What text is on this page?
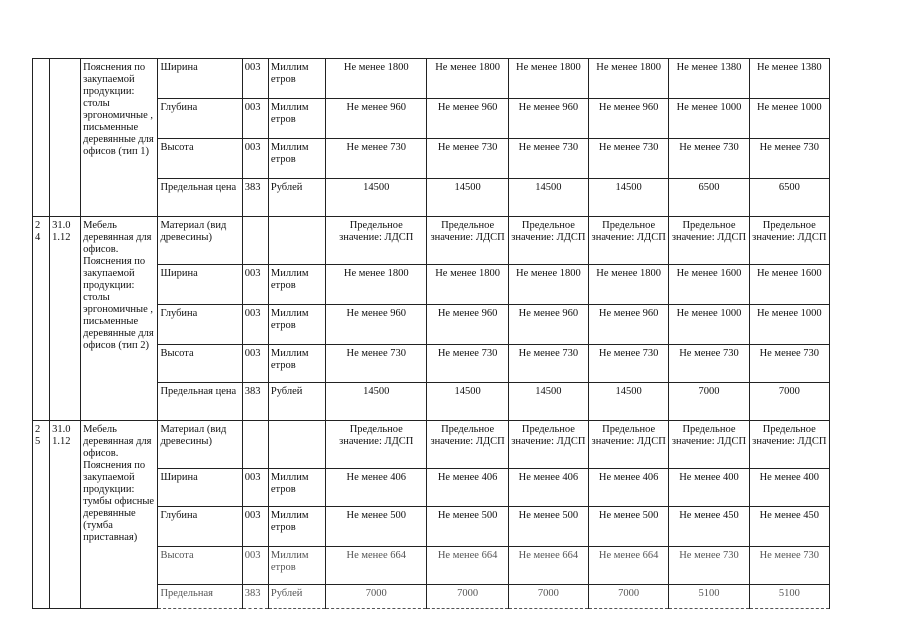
		Пояснения по закупаемой продукции: столы эргономичные , письменные деревянные для офисов (тип 1)	Ширина	003	Миллим етров	Не менее 1800	Не менее 1800	Не менее 1800	Не менее 1800	Не менее 1380	Не менее 1380
			Глубина	003	Миллим етров	Не менее 960	Не менее 960	Не менее 960	Не менее 960	Не менее 1000	Не менее 1000
			Высота	003	Миллим етров	Не менее 730	Не менее 730	Не менее 730	Не менее 730	Не менее 730	Не менее 730
			Предельная цена	383	Рублей	14500	14500	14500	14500	6500	6500
2 4	31.0 1.12	Мебель деревянная для офисов. Пояснения по закупаемой продукции: столы эргономичные , письменные деревянные для офисов (тип 2)	Материал (вид древесины)			Предельное значение: ЛДСП	Предельное значение: ЛДСП	Предельное значение: ЛДСП	Предельное значение: ЛДСП	Предельное значение: ЛДСП	Предельное значение: ЛДСП
			Ширина	003	Миллим етров	Не менее 1800	Не менее 1800	Не менее 1800	Не менее 1800	Не менее 1600	Не менее 1600
			Глубина	003	Миллим етров	Не менее 960	Не менее 960	Не менее 960	Не менее 960	Не менее 1000	Не менее 1000
			Высота	003	Миллим етров	Не менее 730	Не менее 730	Не менее 730	Не менее 730	Не менее 730	Не менее 730
			Предельная цена	383	Рублей	14500	14500	14500	14500	7000	7000
2 5	31.0 1.12	Мебель деревянная для офисов. Пояснения по закупаемой продукции: тумбы офисные деревянные (тумба приставная)	Материал (вид древесины)			Предельное значение: ЛДСП	Предельное значение: ЛДСП	Предельное значение: ЛДСП	Предельное значение: ЛДСП	Предельное значение: ЛДСП	Предельное значение: ЛДСП
			Ширина	003	Миллим етров	Не менее 406	Не менее 406	Не менее 406	Не менее 406	Не менее 400	Не менее 400
			Глубина	003	Миллим етров	Не менее 500	Не менее 500	Не менее 500	Не менее 500	Не менее 450	Не менее 450
			Высота	003	Миллим етров	Не менее 664	Не менее 664	Не менее 664	Не менее 664	Не менее 730	Не менее 730
			Предельная	383	Рублей	7000	7000	7000	7000	5100	5100
